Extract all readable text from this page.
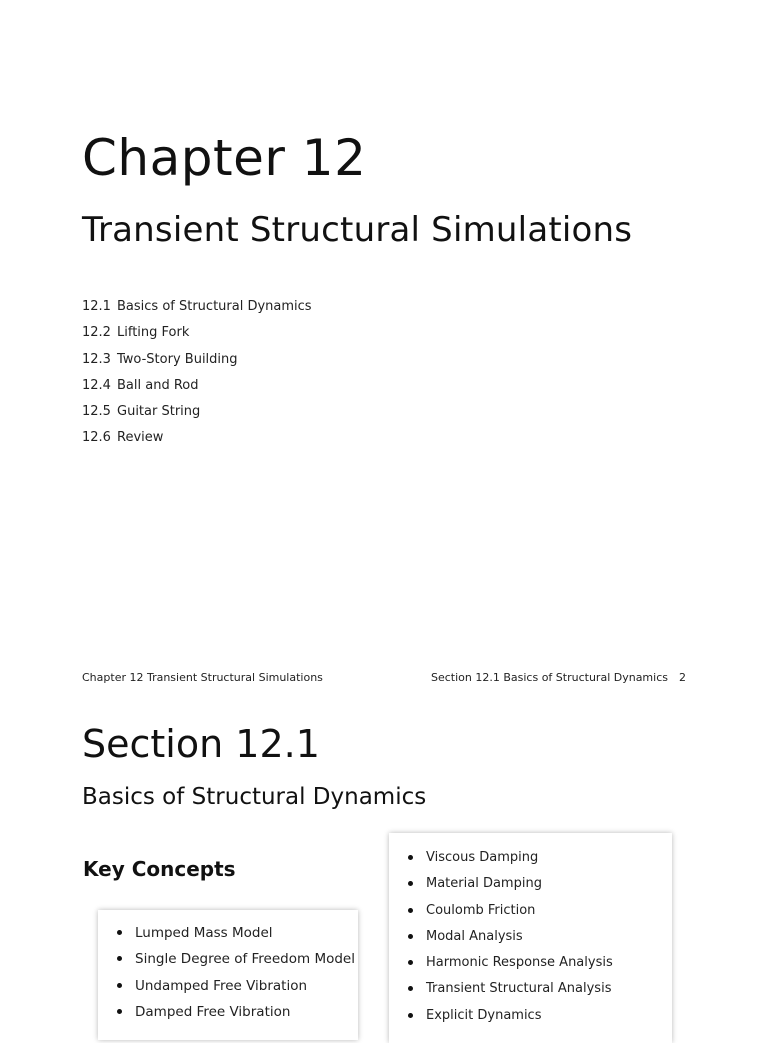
Chapter 12
Transient Structural Simulations
12.1 Basics of Structural Dynamics
12.2 Lifting Fork
12.3 Two-Story Building
12.4 Ball and Rod
12.5 Guitar String
12.6 Review
Chapter 12 Transient Structural Simulations	Section 12.1 Basics of Structural Dynamics 2
Section 12.1
Basics of Structural Dynamics
Key Concepts
Lumped Mass Model
Single Degree of Freedom Model
Undamped Free Vibration
Damped Free Vibration
Viscous Damping
Material Damping
Coulomb Friction
Modal Analysis
Harmonic Response Analysis
Transient Structural Analysis
Explicit Dynamics
